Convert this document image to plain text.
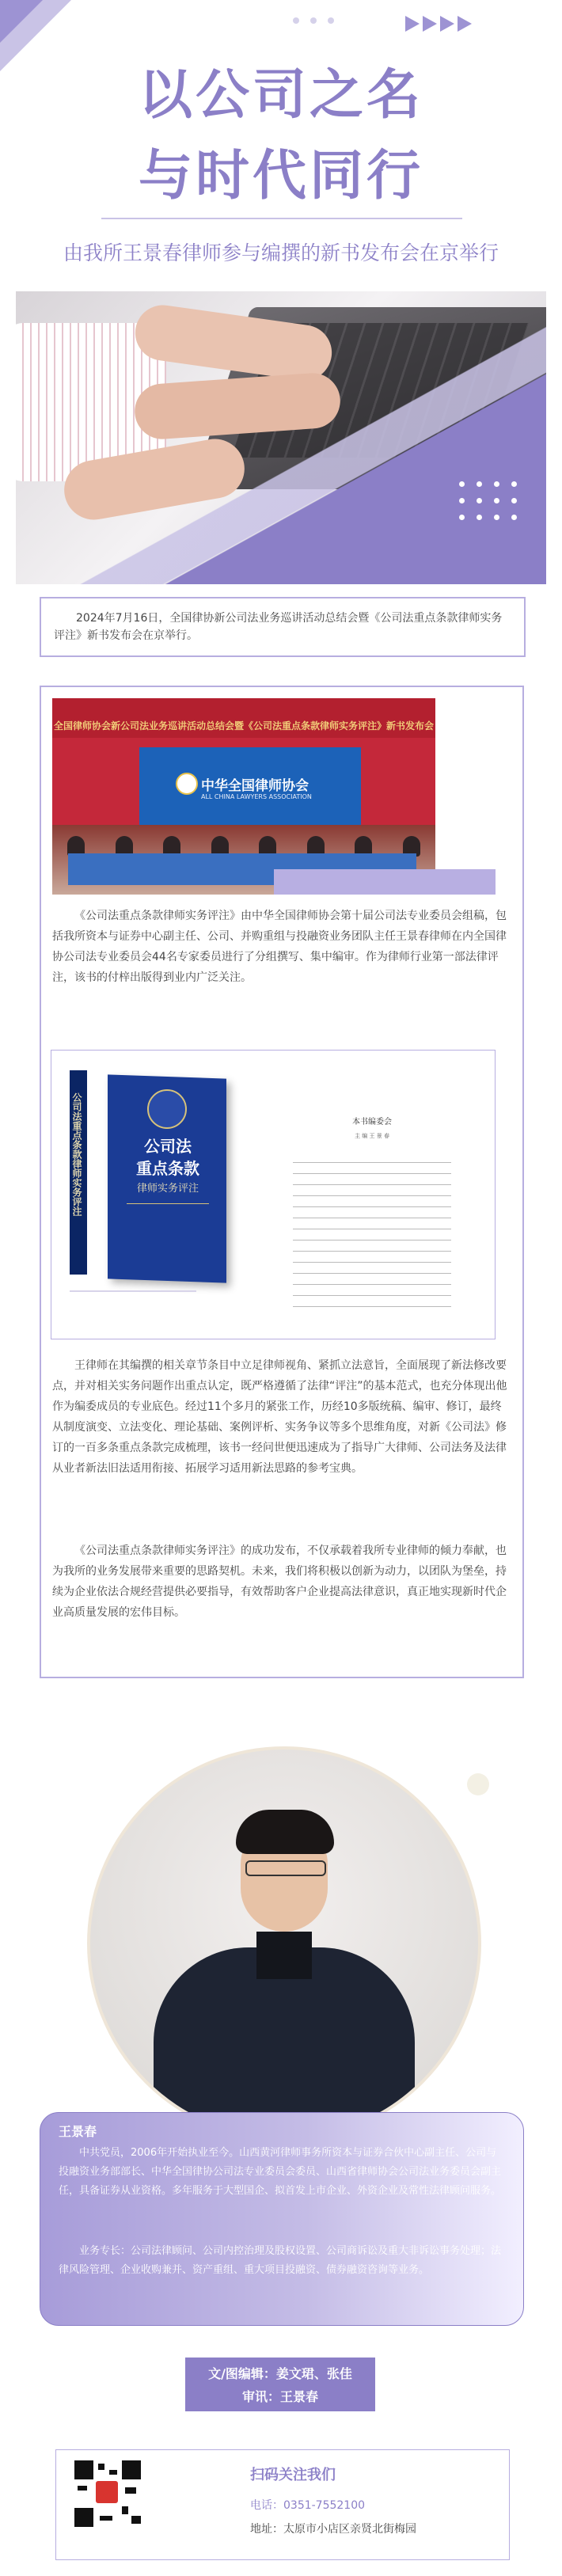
以公司之名
与时代同行
由我所王景春律师参与编撰的新书发布会在京举行
2024年7月16日，全国律协新公司法业务巡讲活动总结会暨《公司法重点条款律师实务评注》新书发布会在京举行。
全国律师协会新公司法业务巡讲活动总结会暨《公司法重点条款律师实务评注》新书发布会
中华全国律师协会
ALL CHINA LAWYERS ASSOCIATION
《公司法重点条款律师实务评注》由中华全国律师协会第十届公司法专业委员会组稿，包括我所资本与证券中心副主任、公司、并购重组与投融资业务团队主任王景春律师在内全国律协公司法专业委员会44名专家委员进行了分组撰写、集中编审。作为律师行业第一部法律评注，该书的付梓出版得到业内广泛关注。
公司法重点条款律师实务评注	公司法
重点条款
律师实务评注
本书编委会
主 编 王 景 春
王律师在其编撰的相关章节条目中立足律师视角、紧抓立法意旨，全面展现了新法修改要点，并对相关实务问题作出重点认定，既严格遵循了法律“评注”的基本范式，也充分体现出他作为编委成员的专业底色。经过11个多月的紧张工作，历经10多版统稿、编审、修订，最终从制度演变、立法变化、理论基础、案例评析、实务争议等多个思维角度，对新《公司法》修订的一百多条重点条款完成梳理，该书一经问世便迅速成为了指导广大律师、公司法务及法律从业者新法旧法适用衔接、拓展学习适用新法思路的参考宝典。
《公司法重点条款律师实务评注》的成功发布，不仅承载着我所专业律师的倾力奉献，也为我所的业务发展带来重要的思路契机。未来，我们将积极以创新为动力，以团队为堡垒，持续为企业依法合规经营提供必要指导，有效帮助客户企业提高法律意识，真正地实现新时代企业高质量发展的宏伟目标。
王景春
中共党员，2006年开始执业至今。山西黄河律师事务所资本与证券合伙中心副主任、公司与投融资业务部部长、中华全国律协公司法专业委员会委员、山西省律师协会公司法业务委员会副主任，具备证券从业资格。多年服务于大型国企、拟首发上市企业、外资企业及常性法律顾问服务。
业务专长：公司法律顾问、公司内控治理及股权设置、公司商诉讼及重大非诉讼事务处理；法律风险管理、企业收购兼并、资产重组、重大项目投融资、债券融资咨询等业务。
文/图编辑：姜文珺、张佳
审讯：王景春
扫码关注我们
电话：0351-7552100
地址：太原市小店区亲贤北街梅园
